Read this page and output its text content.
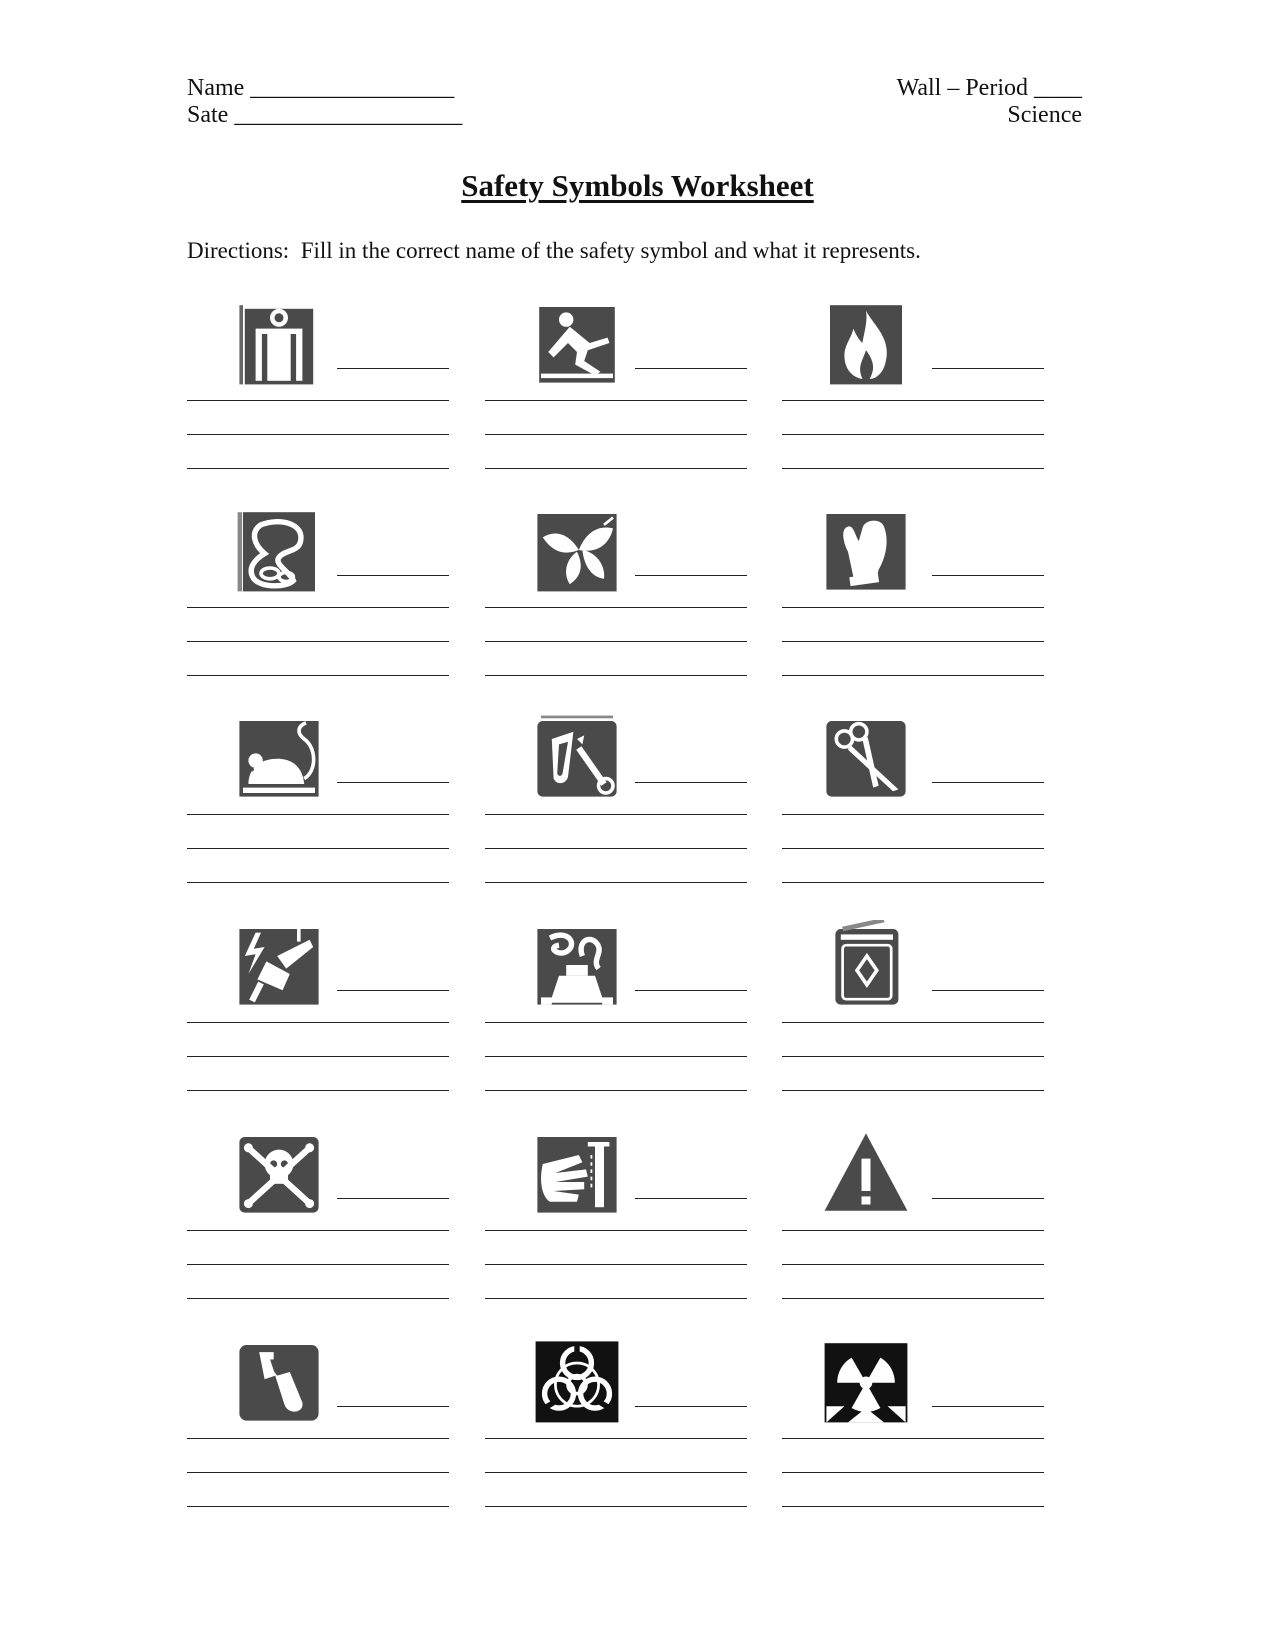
Name _________________
Sate ___________________
Wall – Period ____
Science
Safety Symbols Worksheet
Directions:  Fill in the correct name of the safety symbol and what it represents.
